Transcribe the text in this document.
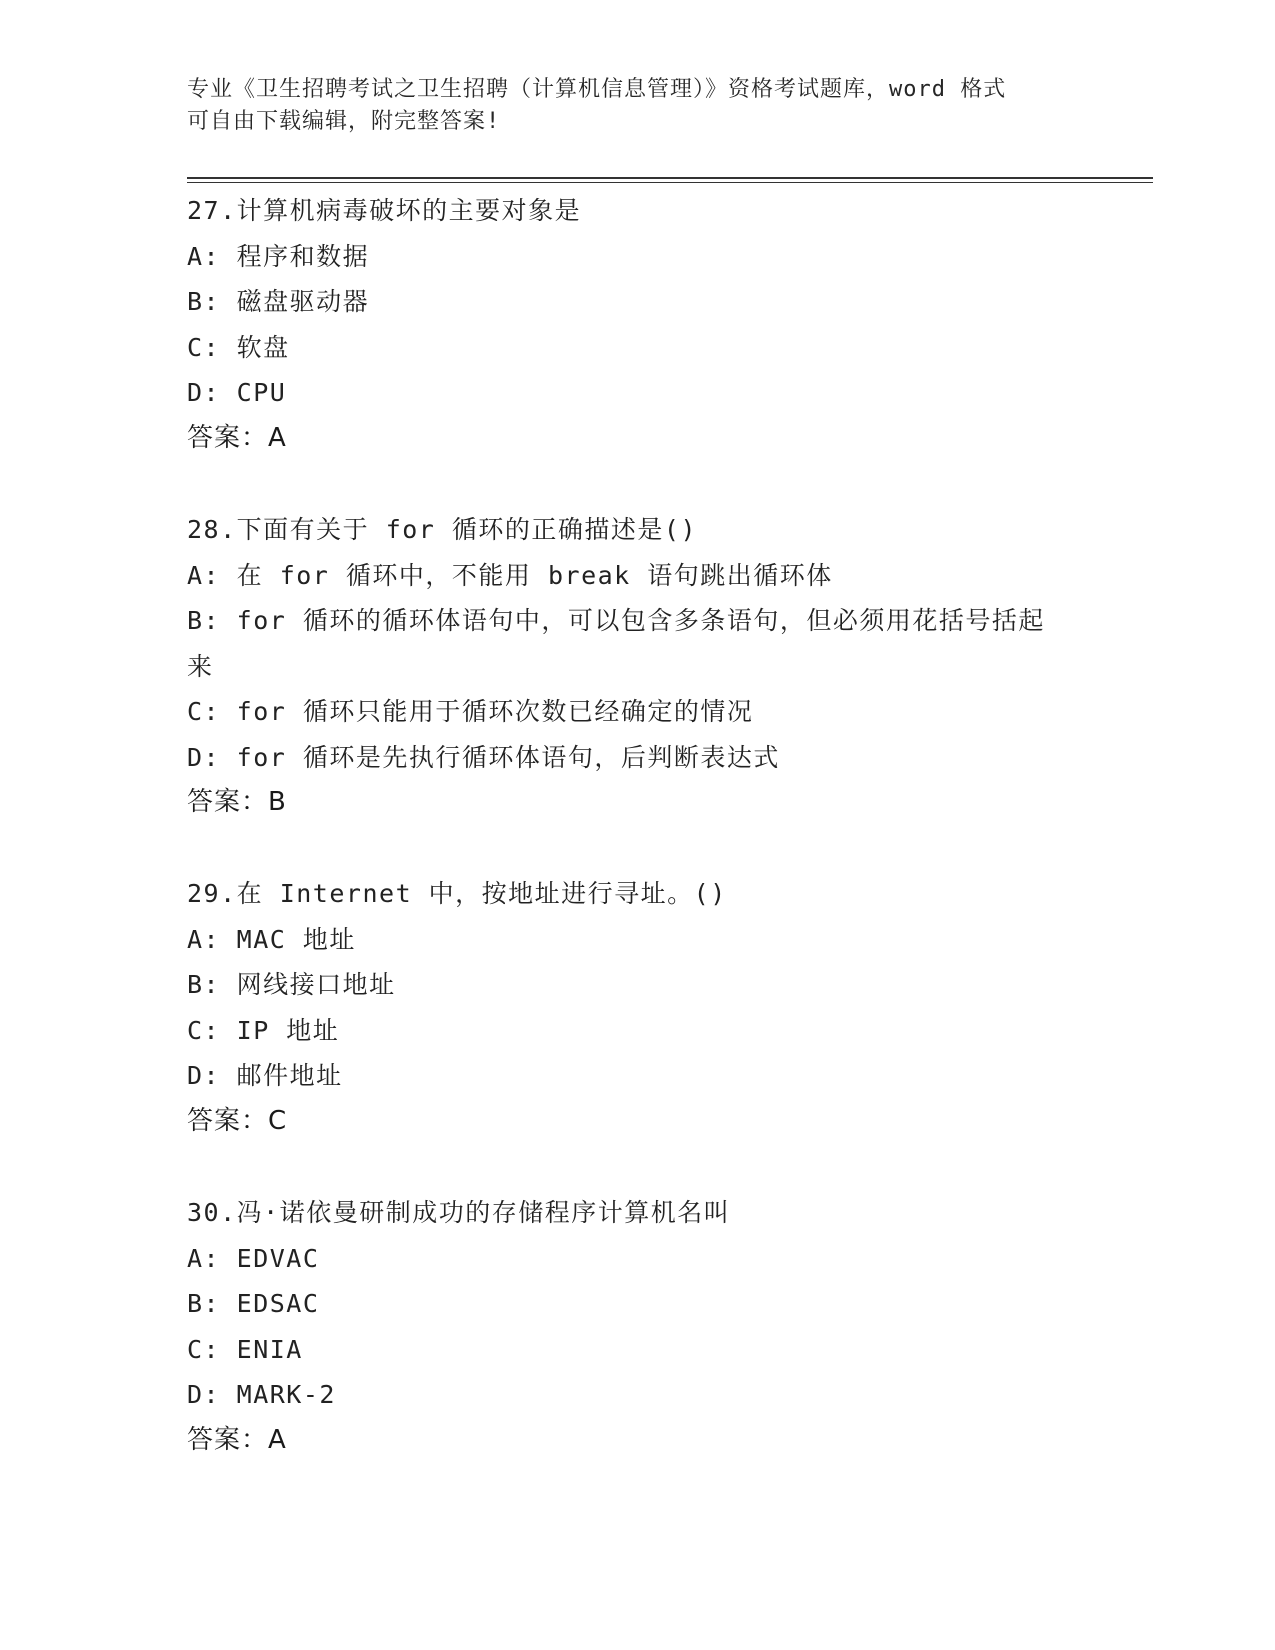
专业《卫生招聘考试之卫生招聘（计算机信息管理）》资格考试题库，word 格式
可自由下载编辑，附完整答案!
27.计算机病毒破坏的主要对象是
A: 程序和数据
B: 磁盘驱动器
C: 软盘
D: CPU
答案：A
28.下面有关于 for 循环的正确描述是()
A: 在 for 循环中，不能用 break 语句跳出循环体
B: for 循环的循环体语句中，可以包含多条语句，但必须用花括号括起来
C: for 循环只能用于循环次数已经确定的情况
D: for 循环是先执行循环体语句，后判断表达式
答案：B
29.在 Internet 中，按地址进行寻址。()
A: MAC 地址
B: 网线接口地址
C: IP 地址
D: 邮件地址
答案：C
30.冯·诺依曼研制成功的存储程序计算机名叫
A: EDVAC
B: EDSAC
C: ENIA
D: MARK-2
答案：A
